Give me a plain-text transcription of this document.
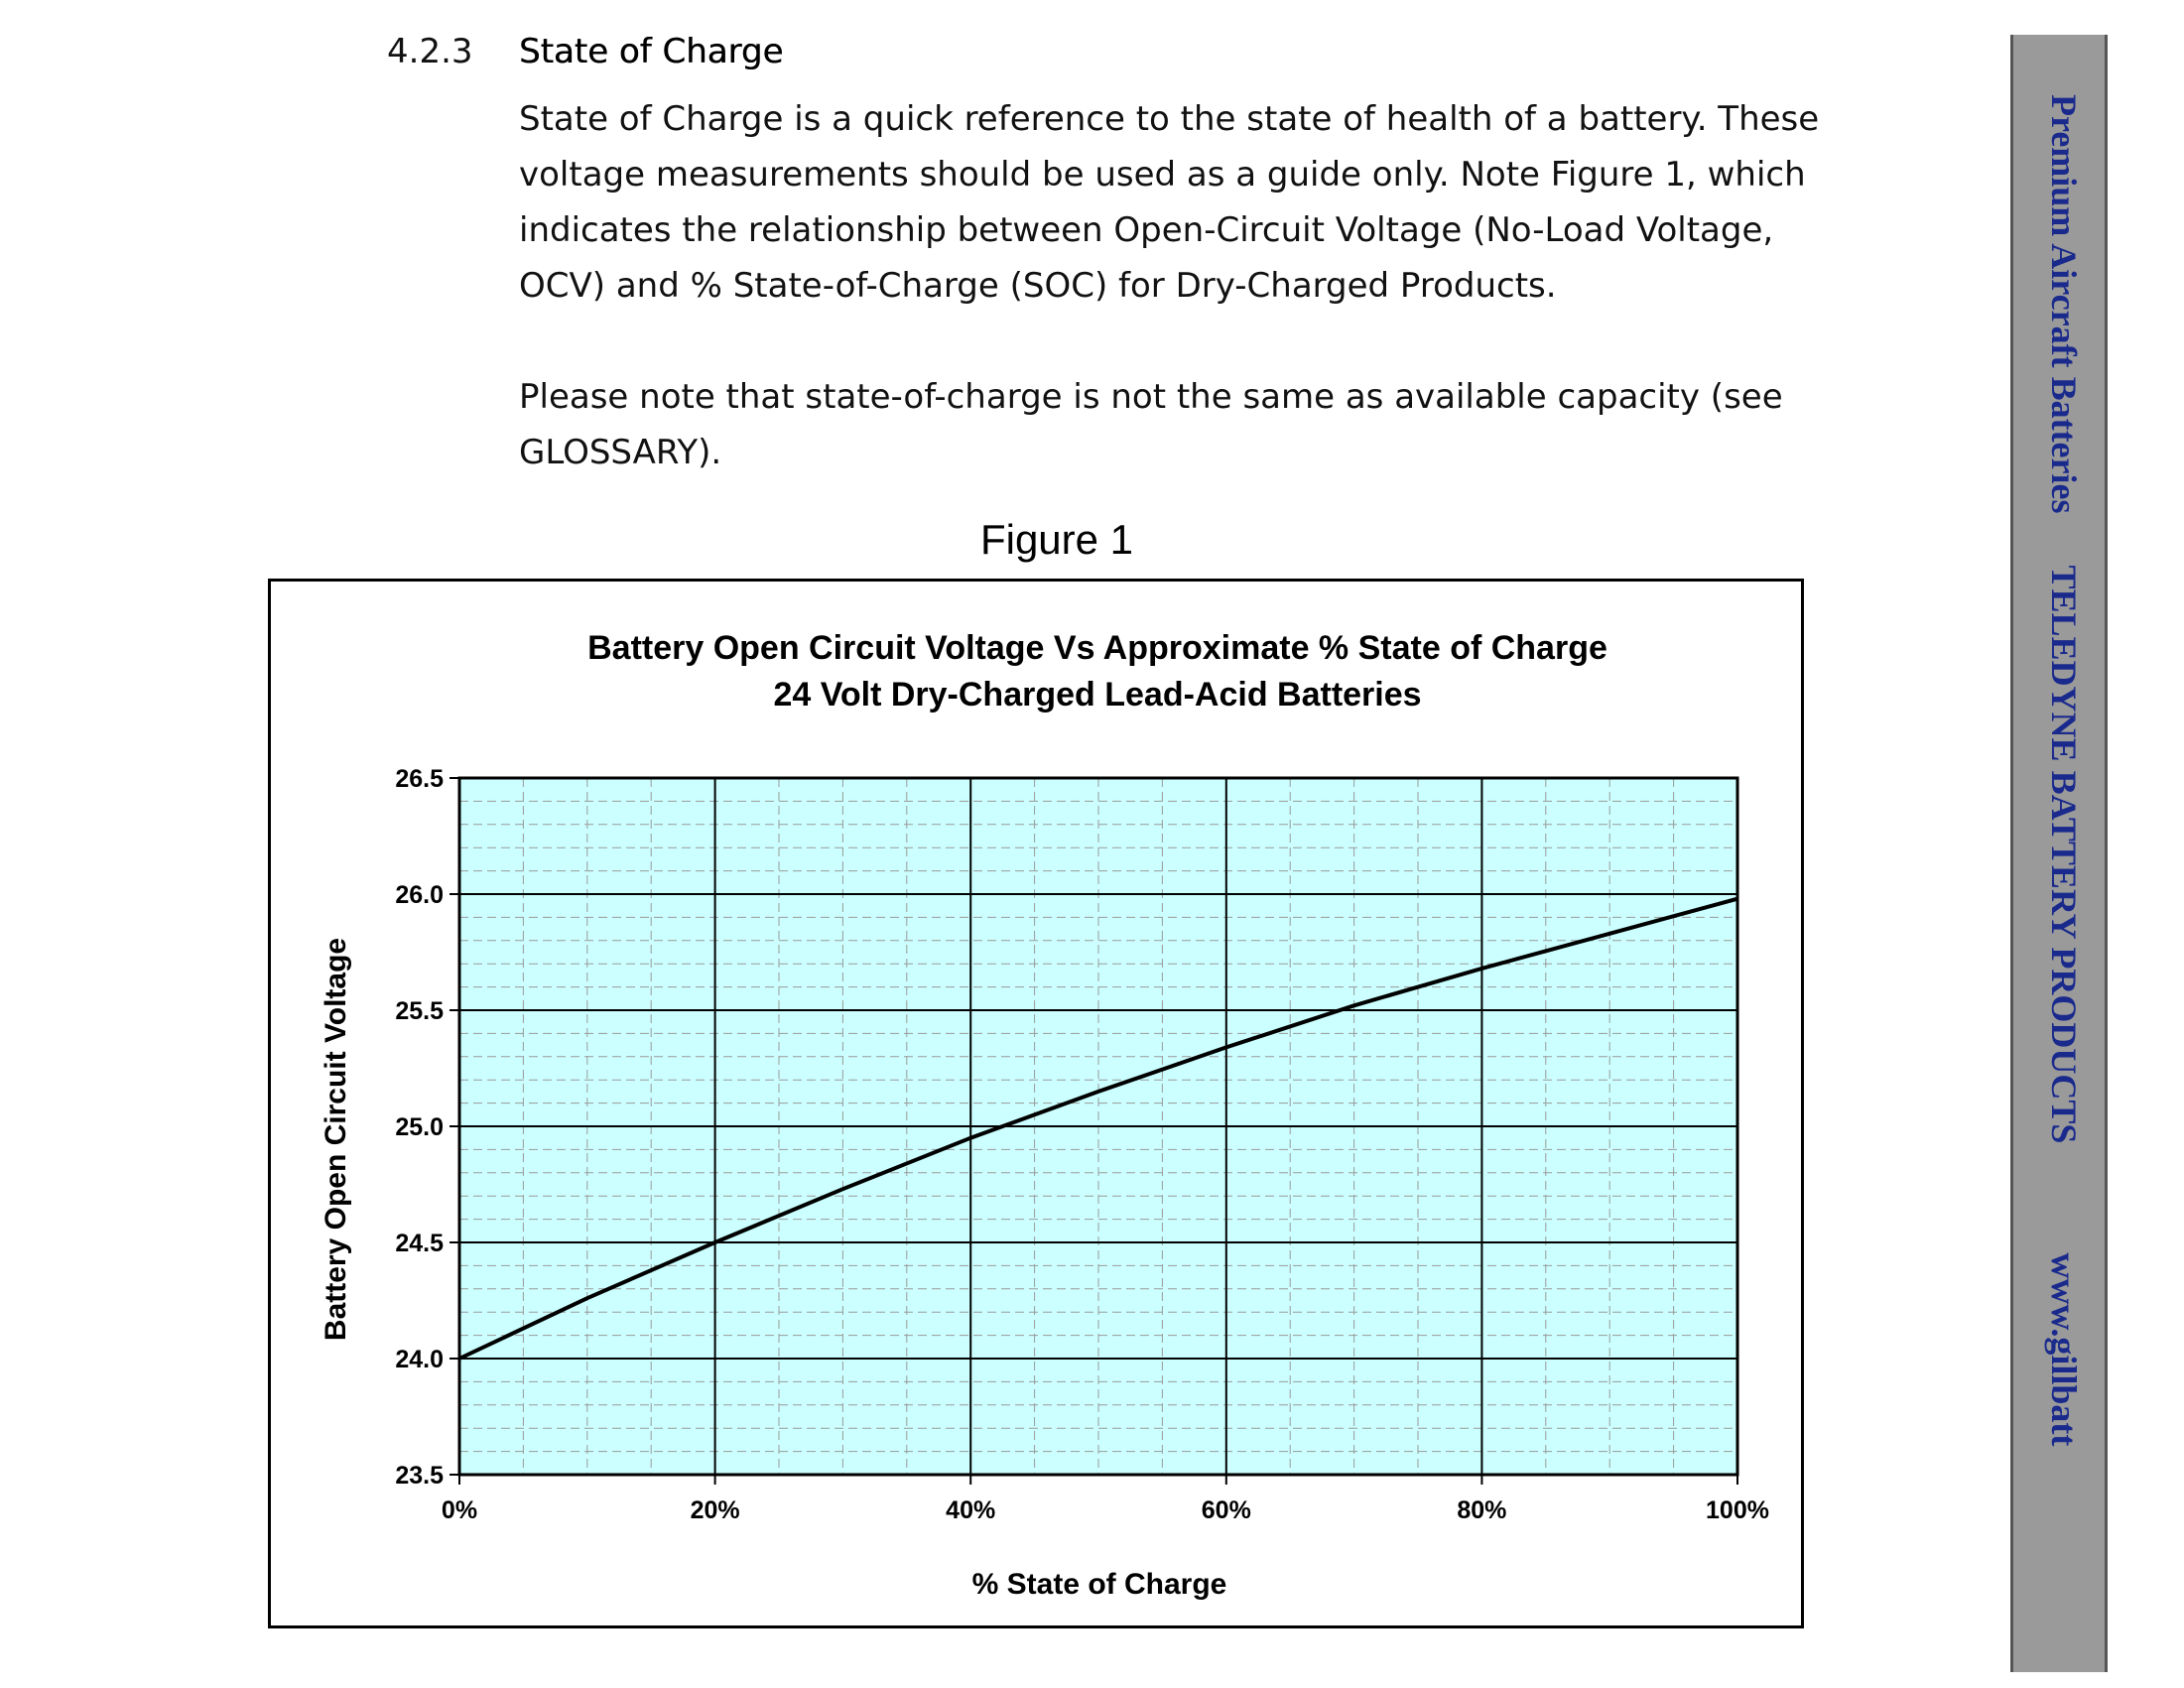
4.2.3 State of Charge
State of Charge is a quick reference to the state of health of a battery. These
voltage measurements should be used as a guide only. Note Figure 1, which
indicates the relationship between Open-Circuit Voltage (No-Load Voltage,
OCV) and % State-of-Charge (SOC) for Dry-Charged Products.
Please note that state-of-charge is not the same as available capacity (see
GLOSSARY).
Figure 1
Battery Open Circuit Voltage Vs Approximate % State of Charge
24 Volt Dry-Charged Lead-Acid Batteries
23.5
24.0
24.5
25.0
25.5
26.0
26.5
0%	20%	40%	60%	80%	100%
% State of Charge
Battery Open Circuit Voltage
Premium Aircraft BatteriesTELEDYNE BATTERY PRODUCTSwww.gillbatt
